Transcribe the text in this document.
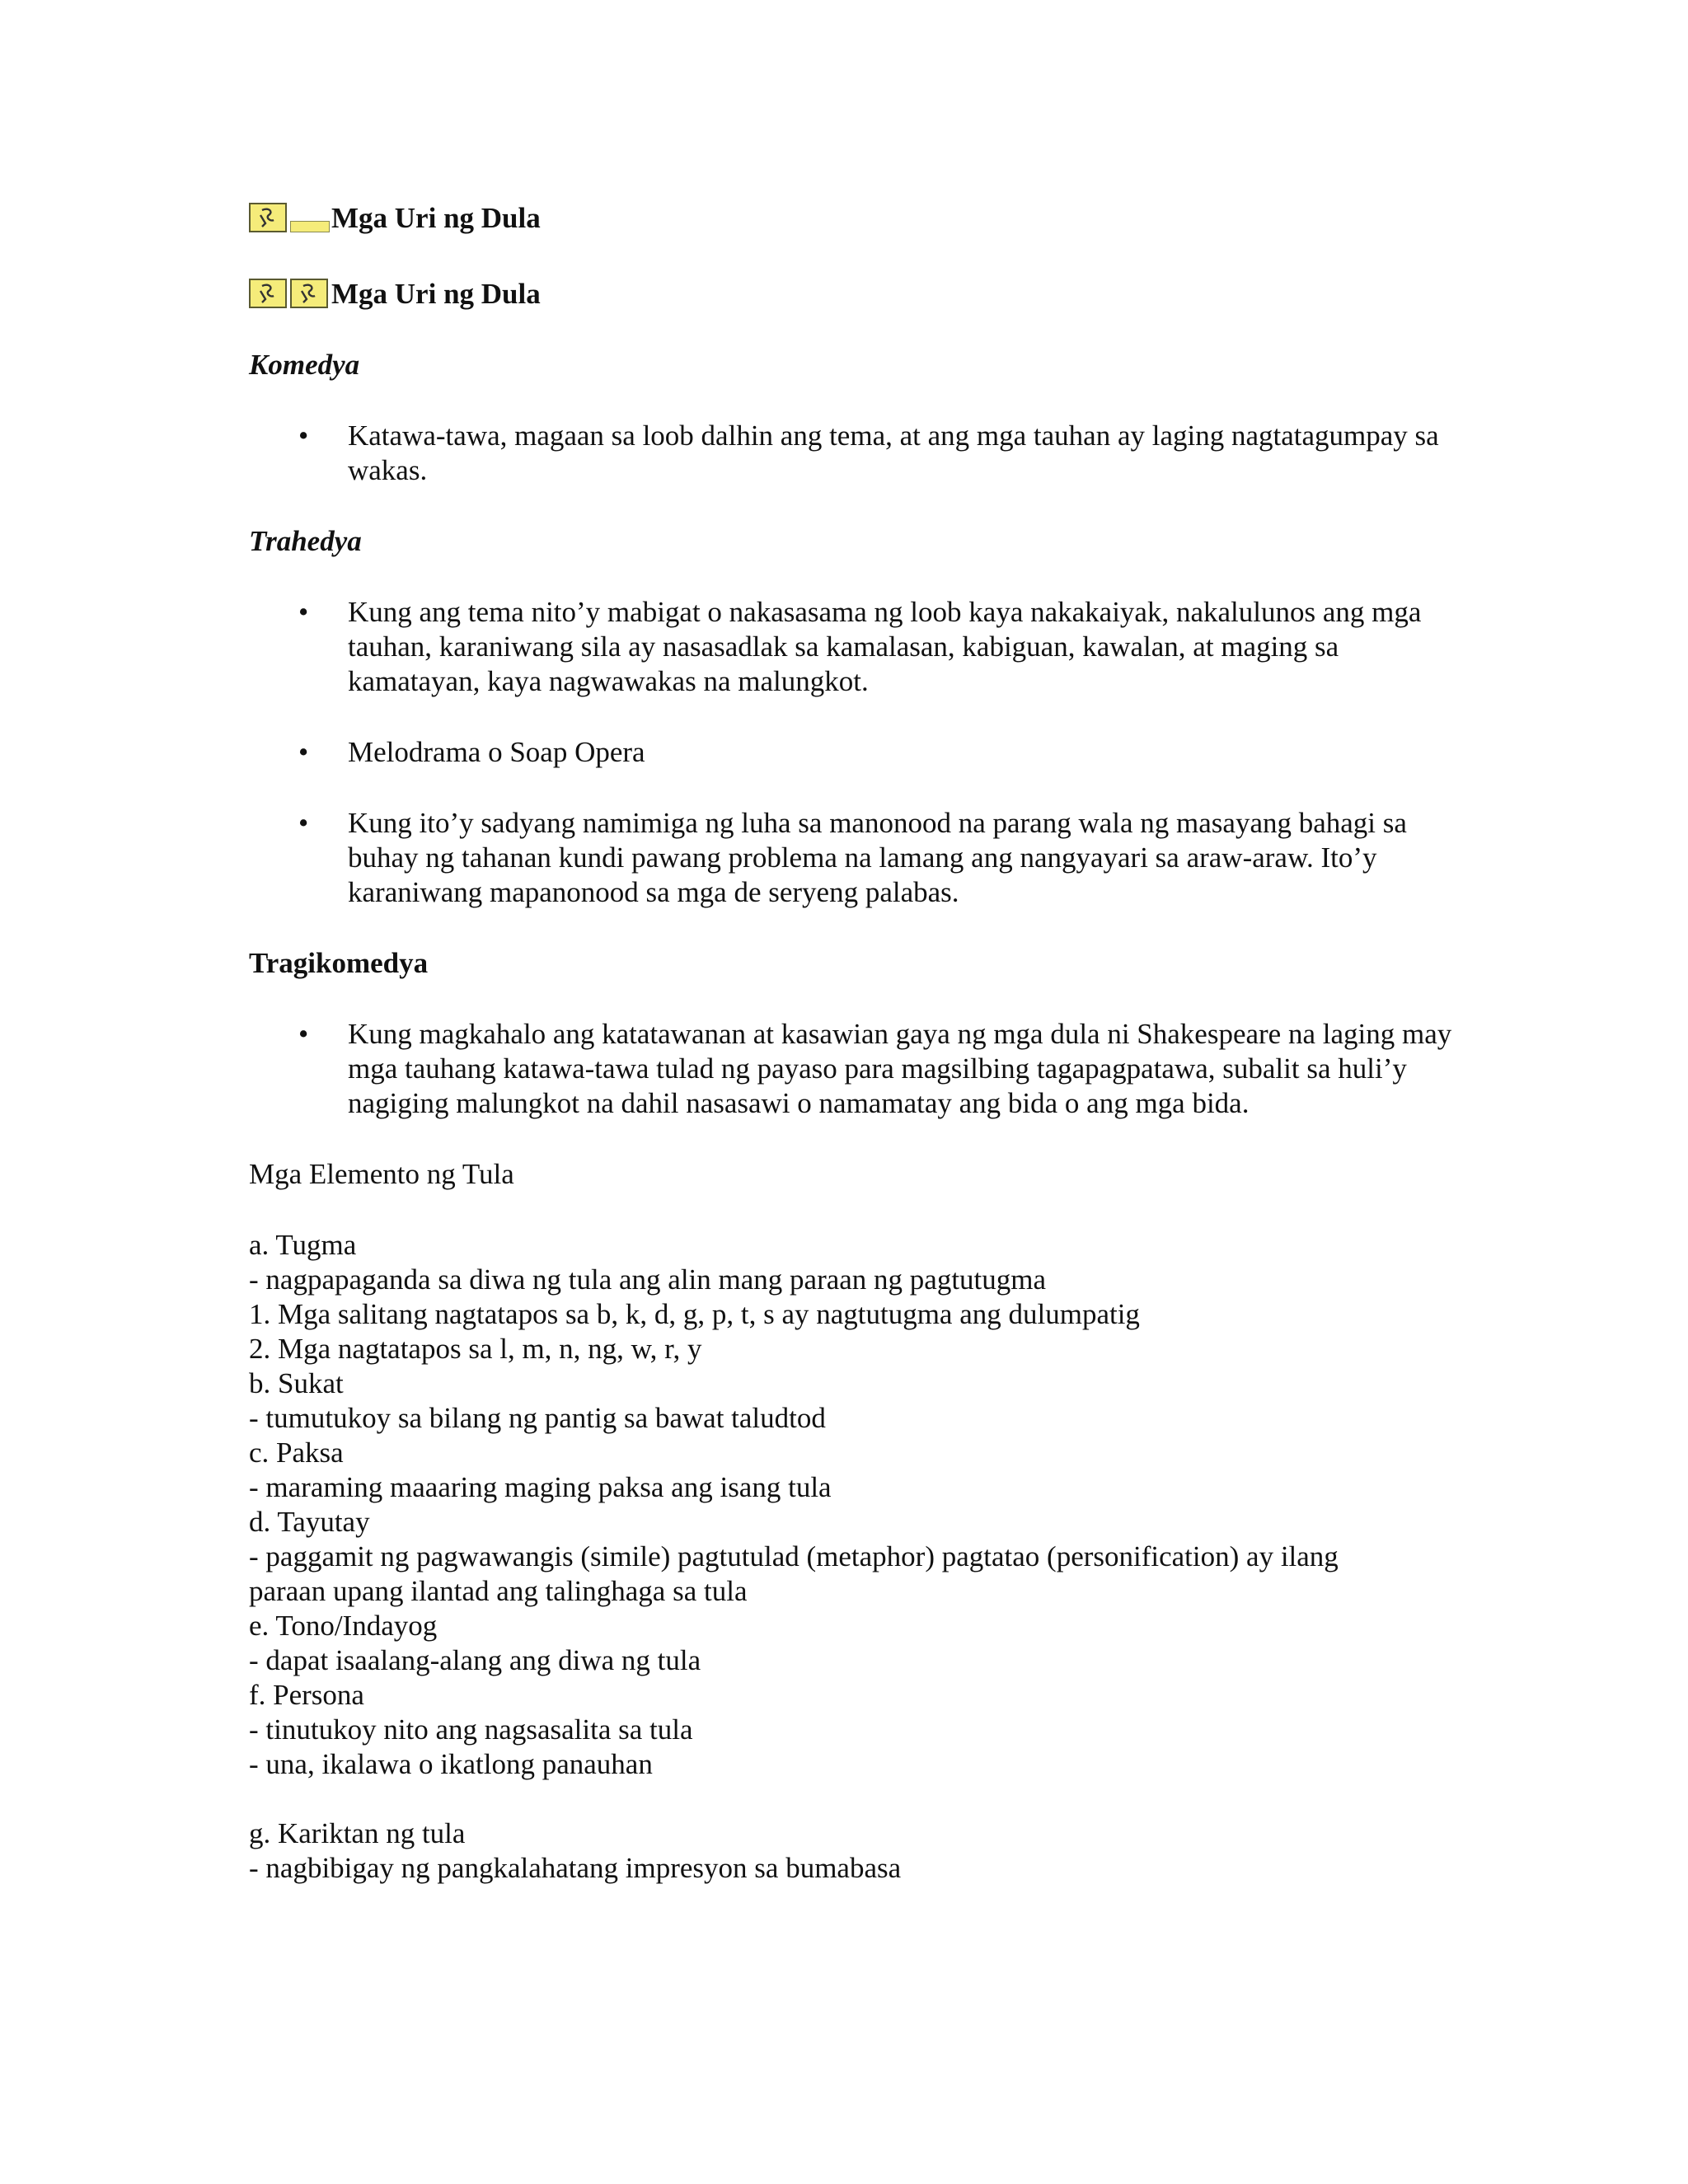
Mga Uri ng Dula
Mga Uri ng Dula
Komedya
• Katawa-tawa, magaan sa loob dalhin ang tema, at ang mga tauhan ay laging nagtatagumpay sa wakas.
Trahedya
• Kung ang tema nito’y mabigat o nakasasama ng loob kaya nakakaiyak, nakalulunos ang mga tauhan, karaniwang sila ay nasasadlak sa kamalasan, kabiguan, kawalan, at maging sa kamatayan, kaya nagwawakas na malungkot.
• Melodrama o Soap Opera
• Kung ito’y sadyang namimiga ng luha sa manonood na parang wala ng masayang bahagi sa buhay ng tahanan kundi pawang problema na lamang ang nangyayari sa araw-araw. Ito’y karaniwang mapanonood sa mga de seryeng palabas.
Tragikomedya
• Kung magkahalo ang katatawanan at kasawian gaya ng mga dula ni Shakespeare na laging may mga tauhang katawa-tawa tulad ng payaso para magsilbing tagapagpatawa, subalit sa huli’y nagiging malungkot na dahil nasasawi o namamatay ang bida o ang mga bida.
Mga Elemento ng Tula
a. Tugma
- nagpapaganda sa diwa ng tula ang alin mang paraan ng pagtutugma
1. Mga salitang nagtatapos sa b, k, d, g, p, t, s ay nagtutugma ang dulumpatig
2. Mga nagtatapos sa l, m, n, ng, w, r, y
b. Sukat
- tumutukoy sa bilang ng pantig sa bawat taludtod
c. Paksa
- maraming maaaring maging paksa ang isang tula
d. Tayutay
- paggamit ng pagwawangis (simile) pagtutulad (metaphor) pagtatao (personification) ay ilang paraan upang ilantad ang talinghaga sa tula
e. Tono/Indayog
- dapat isaalang-alang ang diwa ng tula
f. Persona
- tinutukoy nito ang nagsasalita sa tula
- una, ikalawa o ikatlong panauhan
g. Kariktan ng tula
- nagbibigay ng pangkalahatang impresyon sa bumabasa
